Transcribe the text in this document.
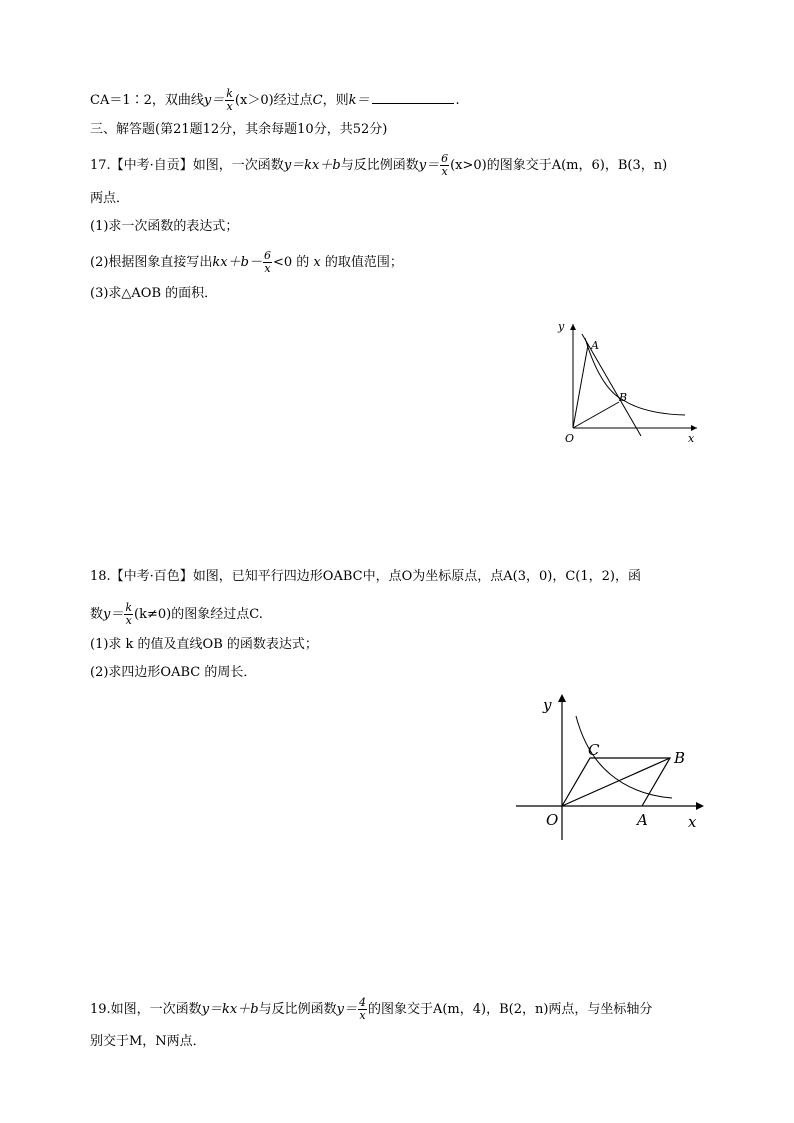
CA＝1∶2，双曲线$y= \frac{k}{x} (x>0)$经过点C，则k＝	.
三、解答题(第21题12分，其余每题10分，共52分)
17.【中考·自贡】如图，一次函数y＝kx＋b与反比例函数$y= \frac{6}{x} (x>0)$的图象交于A(m，6)，B(3，n)
两点．
(1)求一次函数的表达式；
(2)根据图象直接写出$kx+b- \frac{6}{x} <0$ 的 x 的取值范围；
(3)求△AOB 的面积．
y
x
O
A
B
18.【中考·百色】如图，已知平行四边形OABC中，点O为坐标原点，点A(3，0)，C(1，2)，函
数$y= \frac{k}{x} (k\ne 0)$的图象经过点C.
(1)求 k 的值及直线OB 的函数表达式；
(2)求四边形OABC 的周长．
y
x
O	A
B
C
19.如图，一次函数y＝kx＋b与反比例函数$y= \frac{4}{x}$ 的图象交于A(m，4)，B(2，n)两点，与坐标轴分
别交于M，N两点．
